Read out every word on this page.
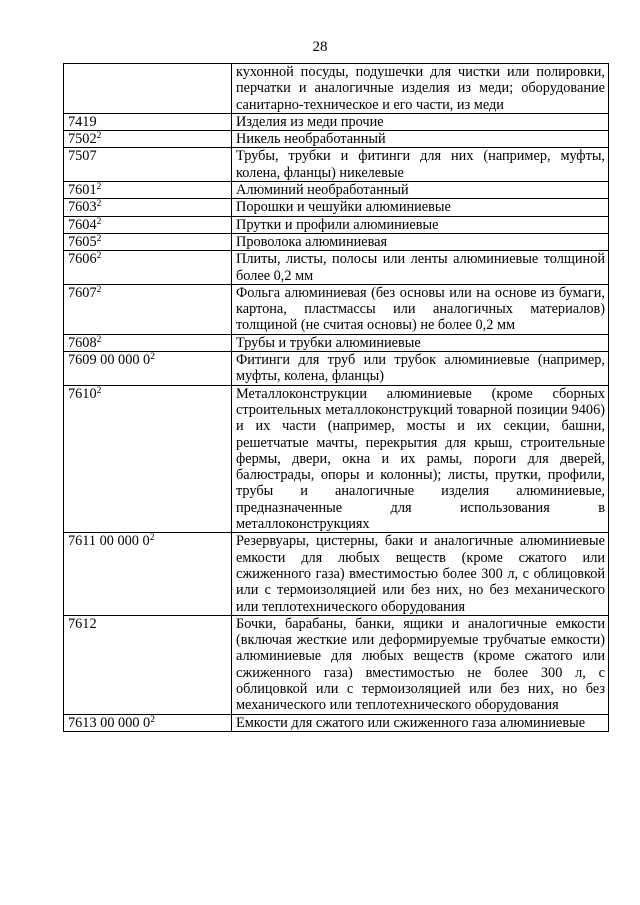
28
	кухонной посуды, подушечки для чистки или полировки, перчатки и аналогичные изделия из меди; оборудование санитарно-техническое и его части, из меди
7419	Изделия из меди прочие
7502$^2$	Никель необработанный
7507	Трубы, трубки и фитинги для них (например, муфты, колена, фланцы) никелевые
7601$^2$	Алюминий необработанный
7603$^2$	Порошки и чешуйки алюминиевые
7604$^2$	Прутки и профили алюминиевые
7605$^2$	Проволока алюминиевая
7606$^2$	Плиты, листы, полосы или ленты алюминиевые толщиной более 0,2 мм
7607$^2$	Фольга алюминиевая (без основы или на основе из бумаги, картона, пластмассы или аналогичных материалов) толщиной (не считая основы) не более 0,2 мм
7608$^2$	Трубы и трубки алюминиевые
7609 00 000 $0^2$	Фитинги для труб или трубок алюминиевые (например, муфты, колена, фланцы)
7610$^2$	Металлоконструкции алюминиевые (кроме сборных строительных металлоконструкций товарной позиции 9406) и их части (например, мосты и их секции, башни, решетчатые мачты, перекрытия для крыш, строительные фермы, двери, окна и их рамы, пороги для дверей, балюстрады, опоры и колонны); листы, прутки, профили, трубы и аналогичные изделия алюминиевые, предназначенные для использования в металлоконструкциях
7611 00 000 $0^2$	Резервуары, цистерны, баки и аналогичные алюминиевые емкости для любых веществ (кроме сжатого или сжиженного газа) вместимостью более 300 л, с облицовкой или с термоизоляцией или без них, но без механического или теплотехнического оборудования
7612	Бочки, барабаны, банки, ящики и аналогичные емкости (включая жесткие или деформируемые трубчатые емкости) алюминиевые для любых веществ (кроме сжатого или сжиженного газа) вместимостью не более 300 л, с облицовкой или с термоизоляцией или без них, но без механического или теплотехнического оборудования
7613 00 000 $0^2$	Емкости для сжатого или сжиженного газа алюминиевые
